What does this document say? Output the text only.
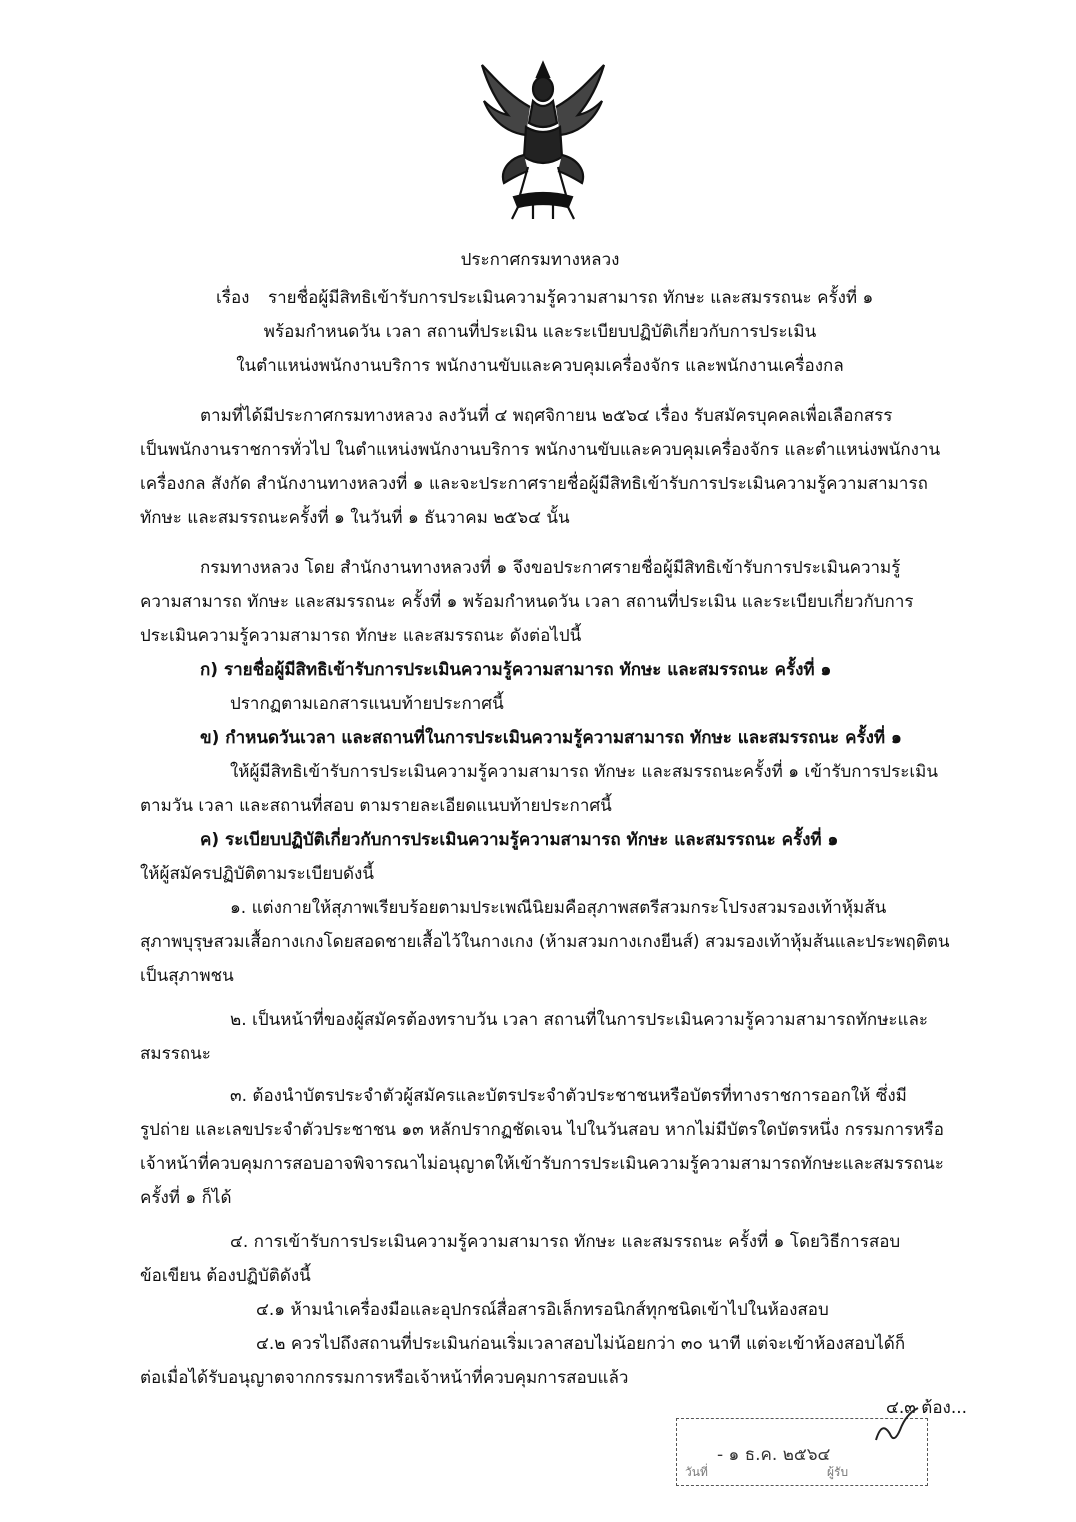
ประกาศกรมทางหลวง
เรื่อง รายชื่อผู้มีสิทธิเข้ารับการประเมินความรู้ความสามารถ ทักษะ และสมรรถนะ ครั้งที่ ๑
พร้อมกำหนดวัน เวลา สถานที่ประเมิน และระเบียบปฏิบัติเกี่ยวกับการประเมิน
ในตำแหน่งพนักงานบริการ พนักงานขับและควบคุมเครื่องจักร และพนักงานเครื่องกล
ตามที่ได้มีประกาศกรมทางหลวง ลงวันที่ ๔ พฤศจิกายน ๒๕๖๔ เรื่อง รับสมัครบุคคลเพื่อเลือกสรร
เป็นพนักงานราชการทั่วไป ในตำแหน่งพนักงานบริการ พนักงานขับและควบคุมเครื่องจักร และตำแหน่งพนักงาน
เครื่องกล สังกัด สำนักงานทางหลวงที่ ๑ และจะประกาศรายชื่อผู้มีสิทธิเข้ารับการประเมินความรู้ความสามารถ
ทักษะ และสมรรถนะครั้งที่ ๑ ในวันที่ ๑ ธันวาคม ๒๕๖๔ นั้น
กรมทางหลวง โดย สำนักงานทางหลวงที่ ๑ จึงขอประกาศรายชื่อผู้มีสิทธิเข้ารับการประเมินความรู้
ความสามารถ ทักษะ และสมรรถนะ ครั้งที่ ๑ พร้อมกำหนดวัน เวลา สถานที่ประเมิน และระเบียบเกี่ยวกับการ
ประเมินความรู้ความสามารถ ทักษะ และสมรรถนะ ดังต่อไปนี้
ก) รายชื่อผู้มีสิทธิเข้ารับการประเมินความรู้ความสามารถ ทักษะ และสมรรถนะ ครั้งที่ ๑
ปรากฏตามเอกสารแนบท้ายประกาศนี้
ข) กำหนดวันเวลา และสถานที่ในการประเมินความรู้ความสามารถ ทักษะ และสมรรถนะ ครั้งที่ ๑
ให้ผู้มีสิทธิเข้ารับการประเมินความรู้ความสามารถ ทักษะ และสมรรถนะครั้งที่ ๑ เข้ารับการประเมิน
ตามวัน เวลา และสถานที่สอบ ตามรายละเอียดแนบท้ายประกาศนี้
ค) ระเบียบปฏิบัติเกี่ยวกับการประเมินความรู้ความสามารถ ทักษะ และสมรรถนะ ครั้งที่ ๑
ให้ผู้สมัครปฏิบัติตามระเบียบดังนี้
๑. แต่งกายให้สุภาพเรียบร้อยตามประเพณีนิยมคือสุภาพสตรีสวมกระโปรงสวมรองเท้าหุ้มส้น
สุภาพบุรุษสวมเสื้อกางเกงโดยสอดชายเสื้อไว้ในกางเกง (ห้ามสวมกางเกงยีนส์) สวมรองเท้าหุ้มส้นและประพฤติตน
เป็นสุภาพชน
๒. เป็นหน้าที่ของผู้สมัครต้องทราบวัน เวลา สถานที่ในการประเมินความรู้ความสามารถทักษะและ
สมรรถนะ
๓. ต้องนำบัตรประจำตัวผู้สมัครและบัตรประจำตัวประชาชนหรือบัตรที่ทางราชการออกให้ ซึ่งมี
รูปถ่าย และเลขประจำตัวประชาชน ๑๓ หลักปรากฏชัดเจน ไปในวันสอบ หากไม่มีบัตรใดบัตรหนึ่ง กรรมการหรือ
เจ้าหน้าที่ควบคุมการสอบอาจพิจารณาไม่อนุญาตให้เข้ารับการประเมินความรู้ความสามารถทักษะและสมรรถนะ
ครั้งที่ ๑ ก็ได้
๔. การเข้ารับการประเมินความรู้ความสามารถ ทักษะ และสมรรถนะ ครั้งที่ ๑ โดยวิธีการสอบ
ข้อเขียน ต้องปฏิบัติดังนี้
๔.๑ ห้ามนำเครื่องมือและอุปกรณ์สื่อสารอิเล็กทรอนิกส์ทุกชนิดเข้าไปในห้องสอบ
๔.๒ ควรไปถึงสถานที่ประเมินก่อนเริ่มเวลาสอบไม่น้อยกว่า ๓๐ นาที แต่จะเข้าห้องสอบได้ก็
ต่อเมื่อได้รับอนุญาตจากกรรมการหรือเจ้าหน้าที่ควบคุมการสอบแล้ว
๔.๓ ต้อง...
- ๑ ธ.ค. ๒๕๖๔
วันที่	ผู้รับ
